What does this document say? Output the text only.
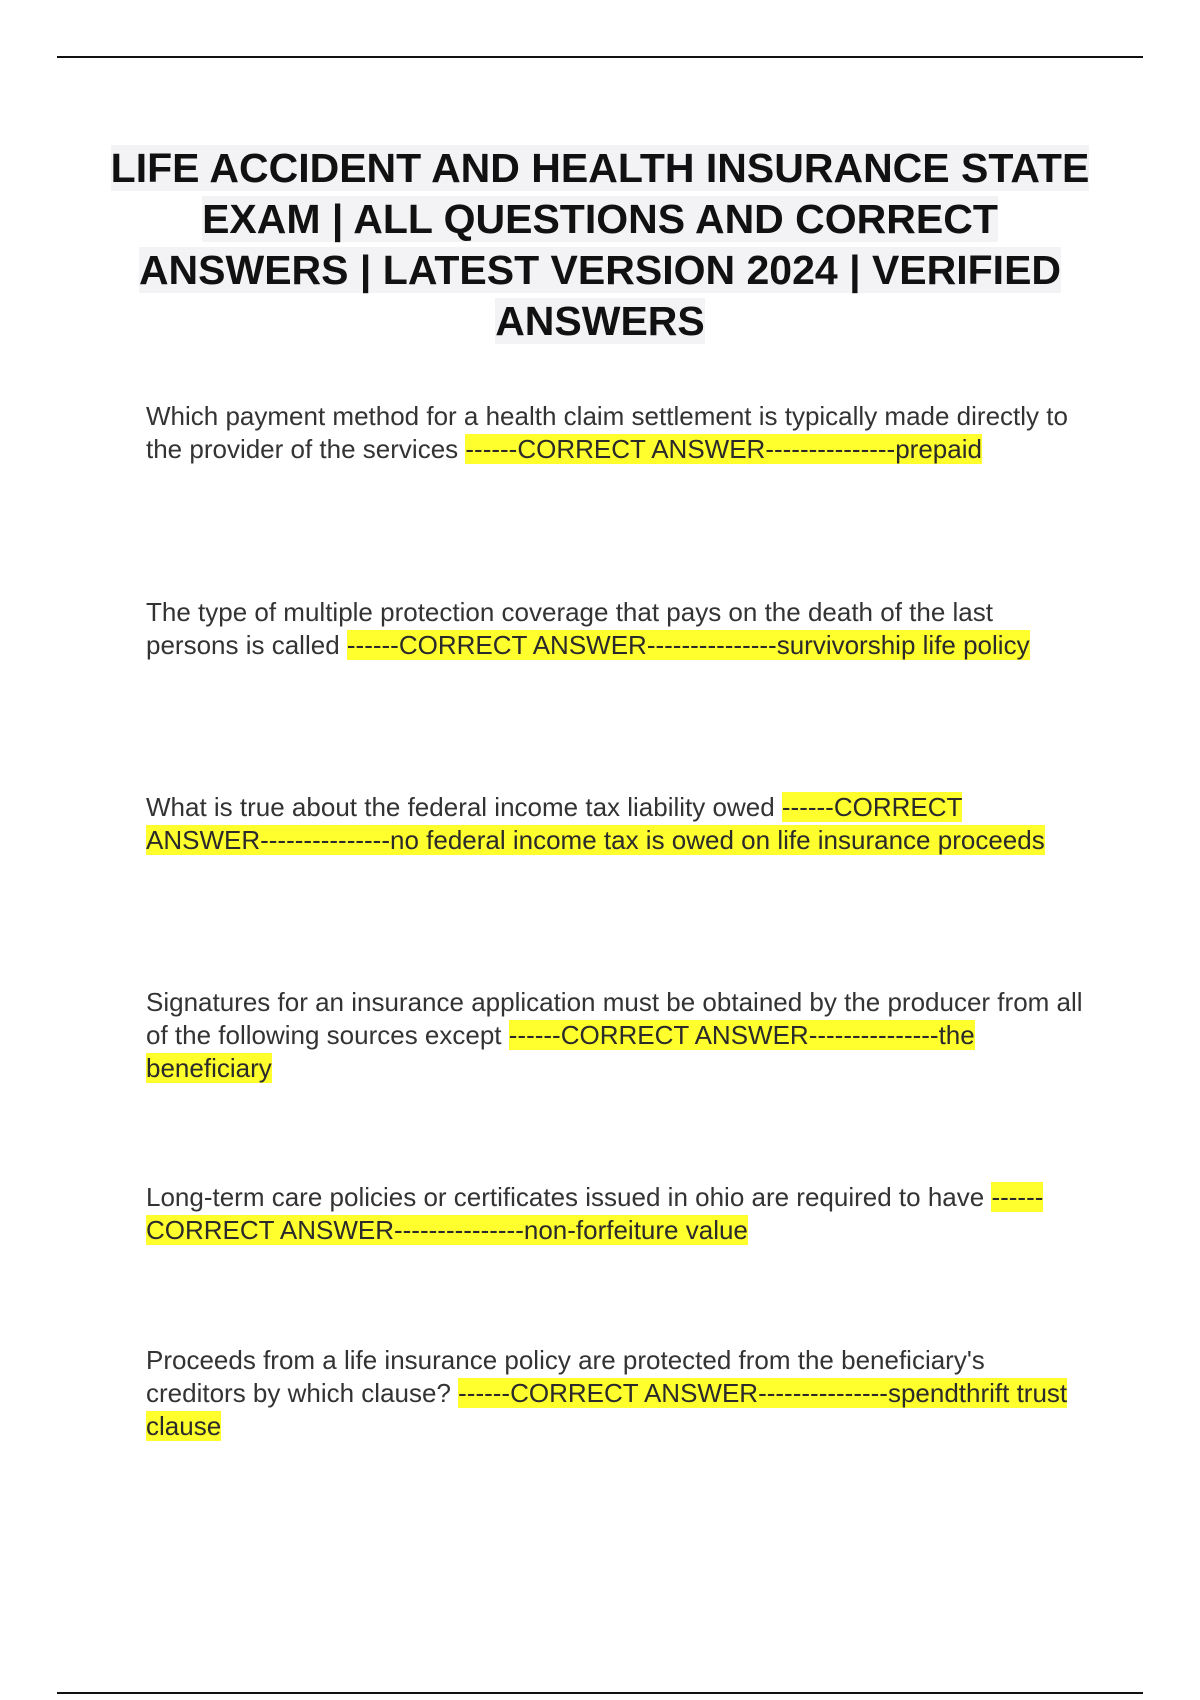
LIFE ACCIDENT AND HEALTH INSURANCE STATE EXAM | ALL QUESTIONS AND CORRECT ANSWERS | LATEST VERSION 2024 | VERIFIED ANSWERS

Which payment method for a health claim settlement is typically made directly to the provider of the services ------CORRECT ANSWER---------------prepaid

The type of multiple protection coverage that pays on the death of the last persons is called ------CORRECT ANSWER---------------survivorship life policy

What is true about the federal income tax liability owed ------CORRECT ANSWER---------------no federal income tax is owed on life insurance proceeds

Signatures for an insurance application must be obtained by the producer from all of the following sources except ------CORRECT ANSWER---------------the beneficiary

Long-term care policies or certificates issued in ohio are required to have ------CORRECT ANSWER---------------non-forfeiture value

Proceeds from a life insurance policy are protected from the beneficiary's creditors by which clause? ------CORRECT ANSWER---------------spendthrift trust clause
